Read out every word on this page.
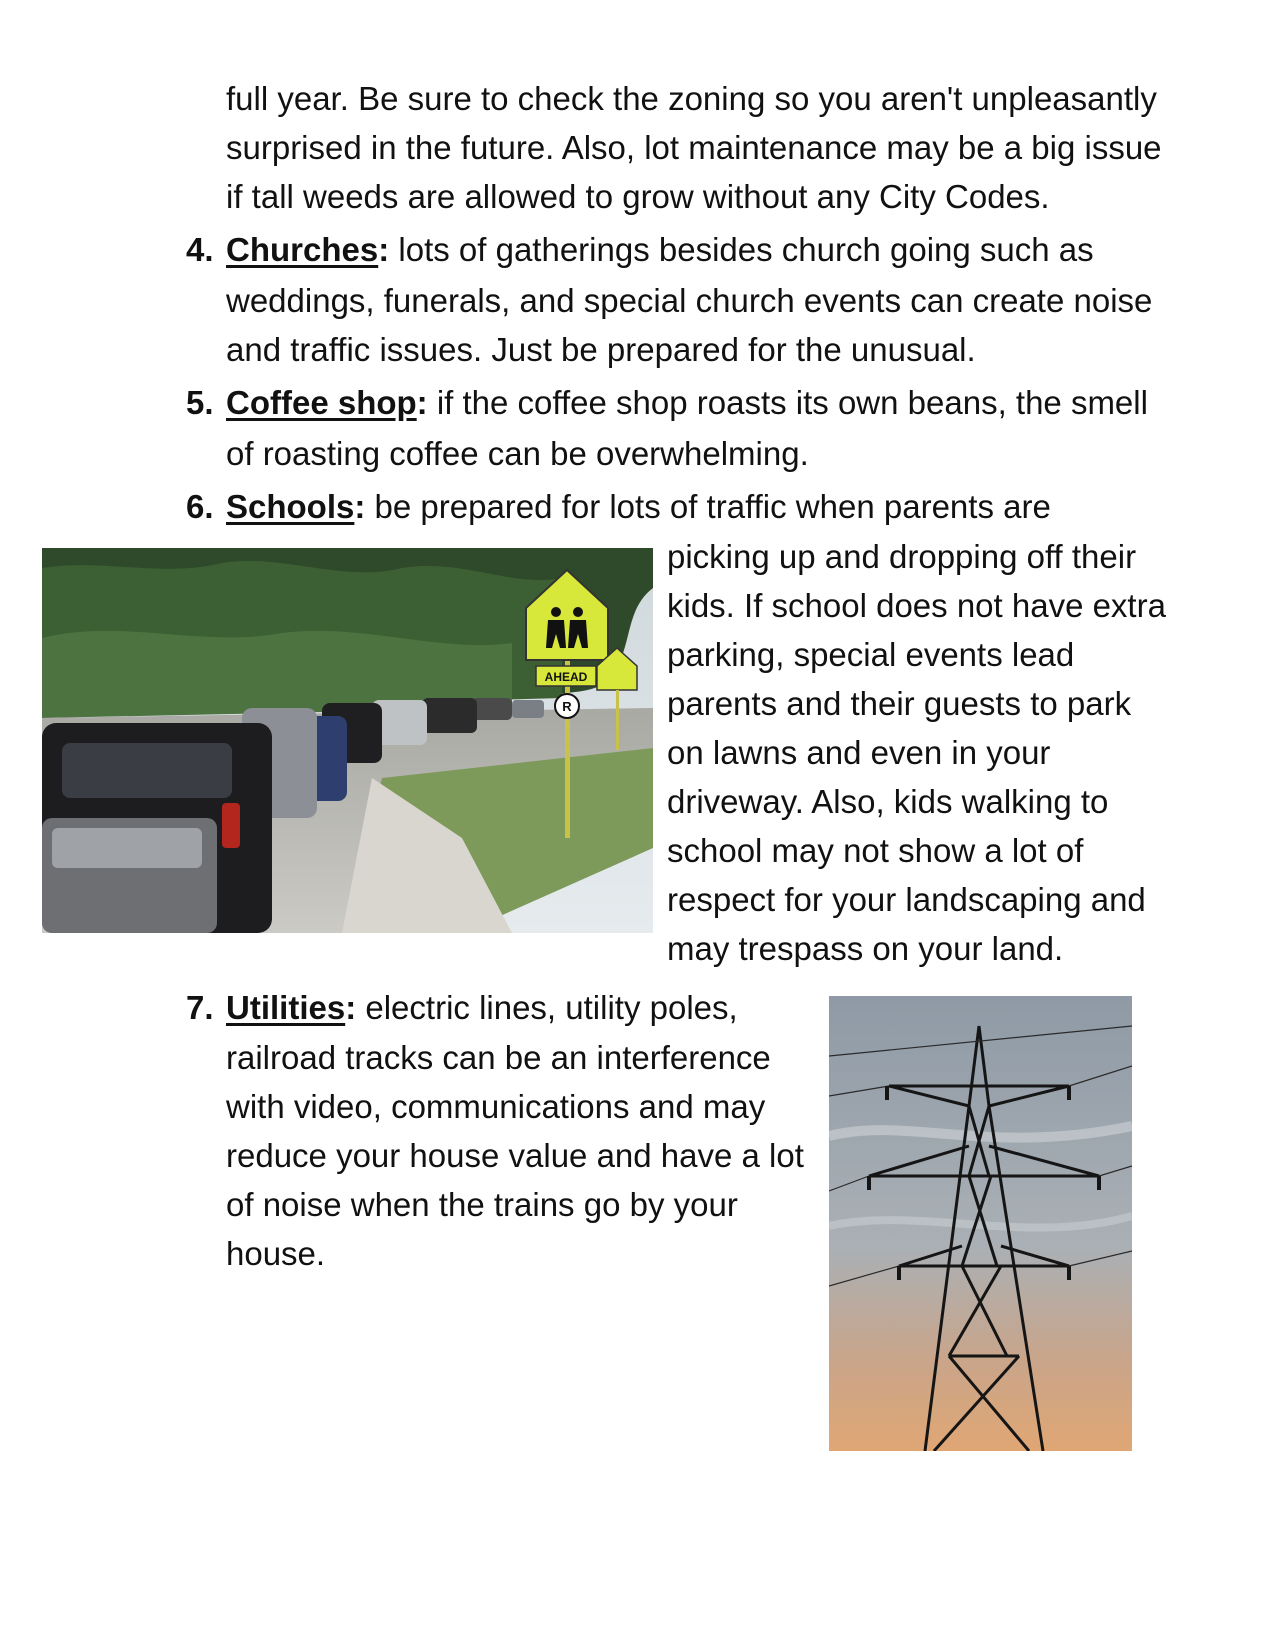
full year. Be sure to check the zoning so you aren't unpleasantly

surprised in the future. Also, lot maintenance may be a big issue

if tall weeds are allowed to grow without any City Codes.

4. Churches: lots of gatherings besides church going such as

weddings, funerals, and special church events can create noise

and traffic issues. Just be prepared for the unusual.

5. Coffee shop: if the coffee shop roasts its own beans, the smell

of roasting coffee can be overwhelming.

6. Schools: be prepared for lots of traffic when parents are

picking up and dropping off their

kids. If school does not have extra

parking, special events lead

parents and their guests to park

on lawns and even in your

driveway. Also, kids walking to

school may not show a lot of

respect for your landscaping and

may trespass on your land.

7. Utilities: electric lines, utility poles,

railroad tracks can be an interference

with video, communications and may

reduce your house value and have a lot

of noise when the trains go by your

house.

AHEAD
R
